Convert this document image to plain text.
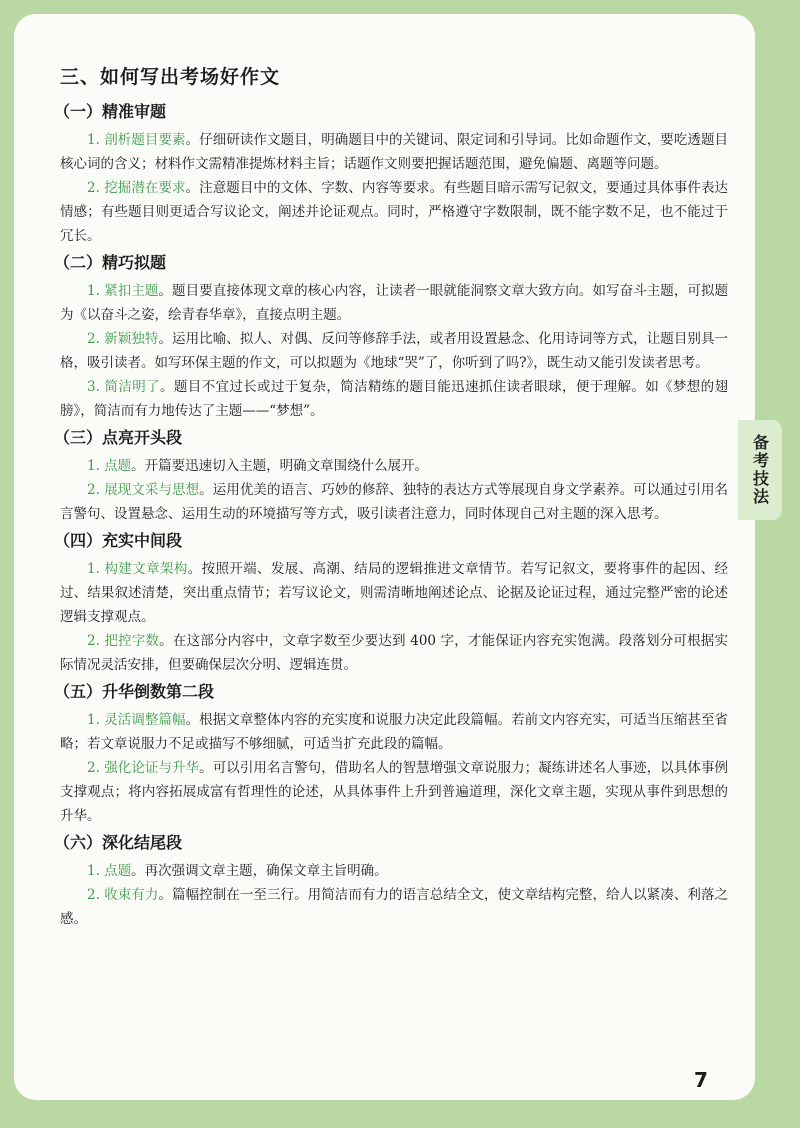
备考技法
三、如何写出考场好作文
（一）精准审题

1. 剖析题目要素。仔细研读作文题目，明确题目中的关键词、限定词和引导词。比如命题作文，要吃透题目核心词的含义；材料作文需精准提炼材料主旨；话题作文则要把握话题范围，避免偏题、离题等问题。

2. 挖掘潜在要求。注意题目中的文体、字数、内容等要求。有些题目暗示需写记叙文，要通过具体事件表达情感；有些题目则更适合写议论文，阐述并论证观点。同时，严格遵守字数限制，既不能字数不足，也不能过于冗长。

（二）精巧拟题

1. 紧扣主题。题目要直接体现文章的核心内容，让读者一眼就能洞察文章大致方向。如写奋斗主题，可拟题为《以奋斗之姿，绘青春华章》，直接点明主题。

2. 新颖独特。运用比喻、拟人、对偶、反问等修辞手法，或者用设置悬念、化用诗词等方式，让题目别具一格，吸引读者。如写环保主题的作文，可以拟题为《地球“哭”了，你听到了吗?》，既生动又能引发读者思考。

3. 简洁明了。题目不宜过长或过于复杂，简洁精练的题目能迅速抓住读者眼球，便于理解。如《梦想的翅膀》，简洁而有力地传达了主题——“梦想”。

（三）点亮开头段

1. 点题。开篇要迅速切入主题，明确文章围绕什么展开。

2. 展现文采与思想。运用优美的语言、巧妙的修辞、独特的表达方式等展现自身文学素养。可以通过引用名言警句、设置悬念、运用生动的环境描写等方式，吸引读者注意力，同时体现自己对主题的深入思考。

（四）充实中间段

1. 构建文章架构。按照开端、发展、高潮、结局的逻辑推进文章情节。若写记叙文，要将事件的起因、经过、结果叙述清楚，突出重点情节；若写议论文，则需清晰地阐述论点、论据及论证过程，通过完整严密的论述逻辑支撑观点。

2. 把控字数。在这部分内容中，文章字数至少要达到 400 字，才能保证内容充实饱满。段落划分可根据实际情况灵活安排，但要确保层次分明、逻辑连贯。

（五）升华倒数第二段

1. 灵活调整篇幅。根据文章整体内容的充实度和说服力决定此段篇幅。若前文内容充实，可适当压缩甚至省略；若文章说服力不足或描写不够细腻，可适当扩充此段的篇幅。

2. 强化论证与升华。可以引用名言警句，借助名人的智慧增强文章说服力；凝练讲述名人事迹，以具体事例支撑观点；将内容拓展成富有哲理性的论述，从具体事件上升到普遍道理，深化文章主题，实现从事件到思想的升华。

（六）深化结尾段

1. 点题。再次强调文章主题，确保文章主旨明确。

2. 收束有力。篇幅控制在一至三行。用简洁而有力的语言总结全文，使文章结构完整，给人以紧凑、利落之感。

7
